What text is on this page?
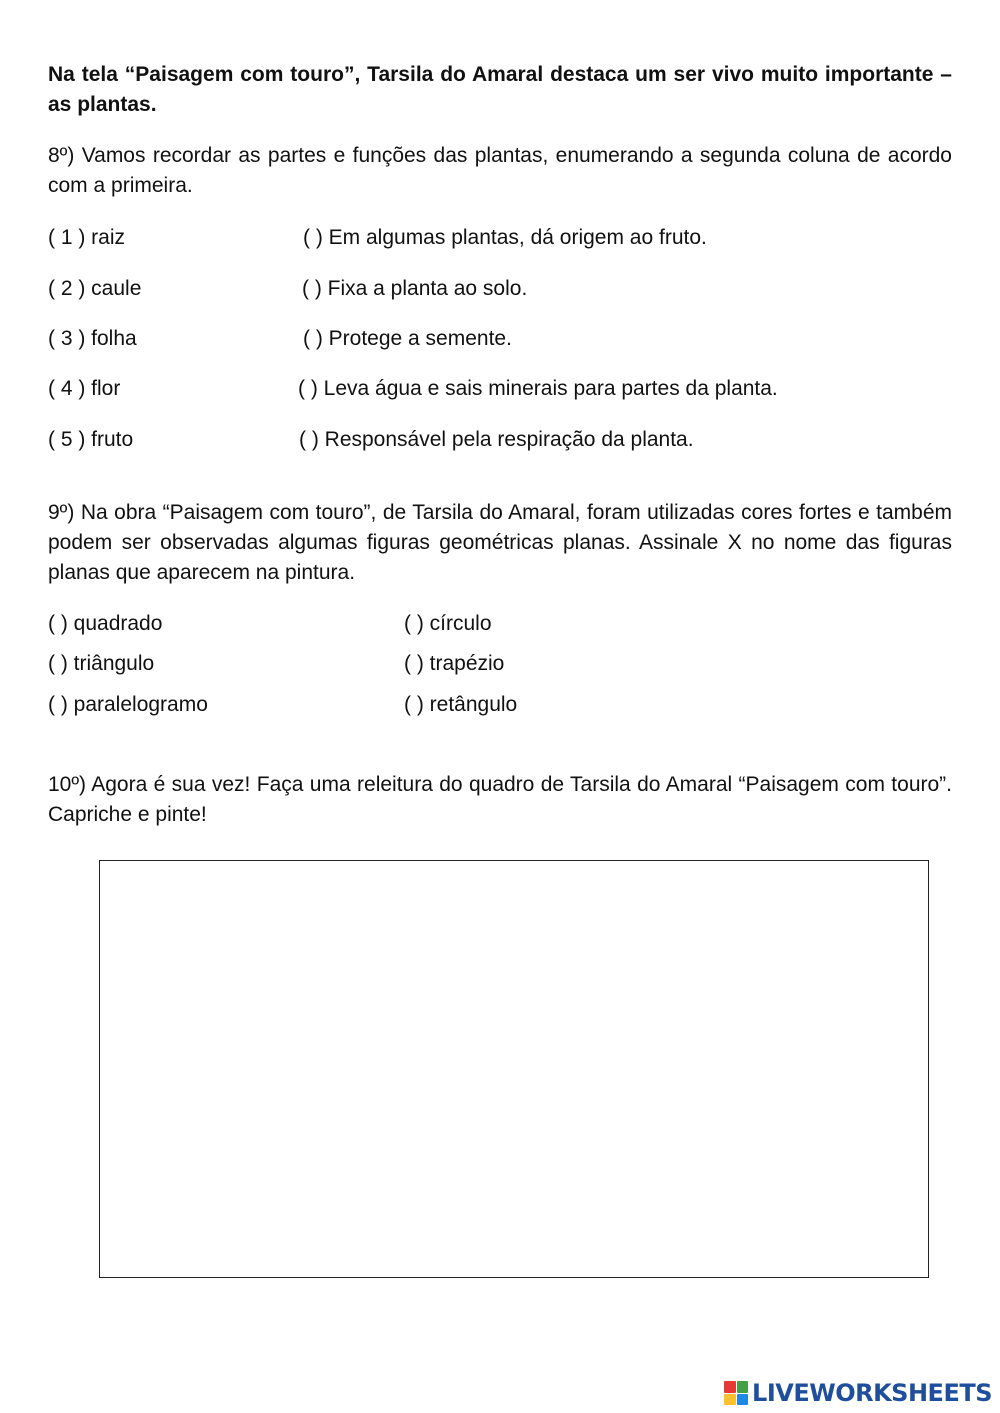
Na tela “Paisagem com touro”, Tarsila do Amaral destaca um ser vivo muito importante – as plantas.

8º) Vamos recordar as partes e funções das plantas, enumerando a segunda coluna de acordo com a primeira.

( 1 ) raiz
( 2 ) caule
( 3 ) folha
( 4 ) flor
( 5 ) fruto
( ) Em algumas plantas, dá origem ao fruto.
( ) Fixa a planta ao solo.
( ) Protege a semente.
( ) Leva água e sais minerais para partes da planta.
( ) Responsável pela respiração da planta.

9º) Na obra “Paisagem com touro”, de Tarsila do Amaral, foram utilizadas cores fortes e também podem ser observadas algumas figuras geométricas planas. Assinale X no nome das figuras planas que aparecem na pintura.

( ) quadrado
( ) triângulo
( ) paralelogramo
( ) círculo
( ) trapézio
( ) retângulo

10º) Agora é sua vez! Faça uma releitura do quadro de Tarsila do Amaral “Paisagem com touro”. Capriche e pinte!

LIVEWORKSHEETS
